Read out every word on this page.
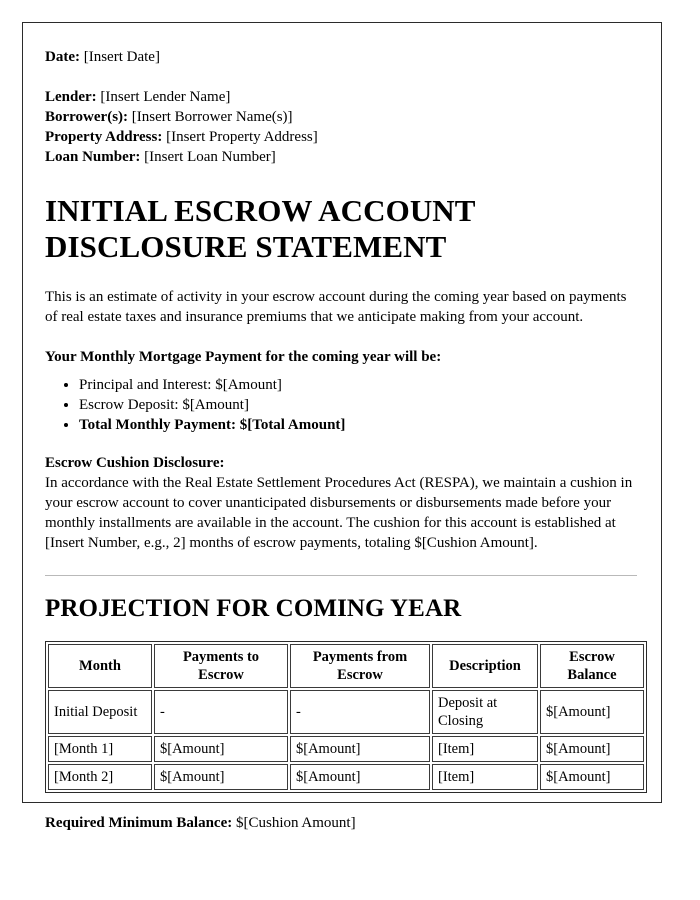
Date: [Insert Date]

Lender: [Insert Lender Name]

Borrower(s): [Insert Borrower Name(s)]

Property Address: [Insert Property Address]

Loan Number: [Insert Loan Number]

INITIAL ESCROW ACCOUNT DISCLOSURE STATEMENT

This is an estimate of activity in your escrow account during the coming year based on payments of real estate taxes and insurance premiums that we anticipate making from your account.

Your Monthly Mortgage Payment for the coming year will be:

• Principal and Interest: $[Amount]
• Escrow Deposit: $[Amount]
• Total Monthly Payment: $[Total Amount]

Escrow Cushion Disclosure:

In accordance with the Real Estate Settlement Procedures Act (RESPA), we maintain a cushion in your escrow account to cover unanticipated disbursements or disbursements made before your monthly installments are available in the account. The cushion for this account is established at [Insert Number, e.g., 2] months of escrow payments, totaling $[Cushion Amount].

PROJECTION FOR COMING YEAR
Month	Payments to Escrow	Payments from Escrow	Description	Escrow Balance
Initial Deposit	-	-	Deposit at Closing	$[Amount]
[Month 1]	$[Amount]	$[Amount]	[Item]	$[Amount]
[Month 2]	$[Amount]	$[Amount]	[Item]	$[Amount]

Required Minimum Balance: $[Cushion Amount]
